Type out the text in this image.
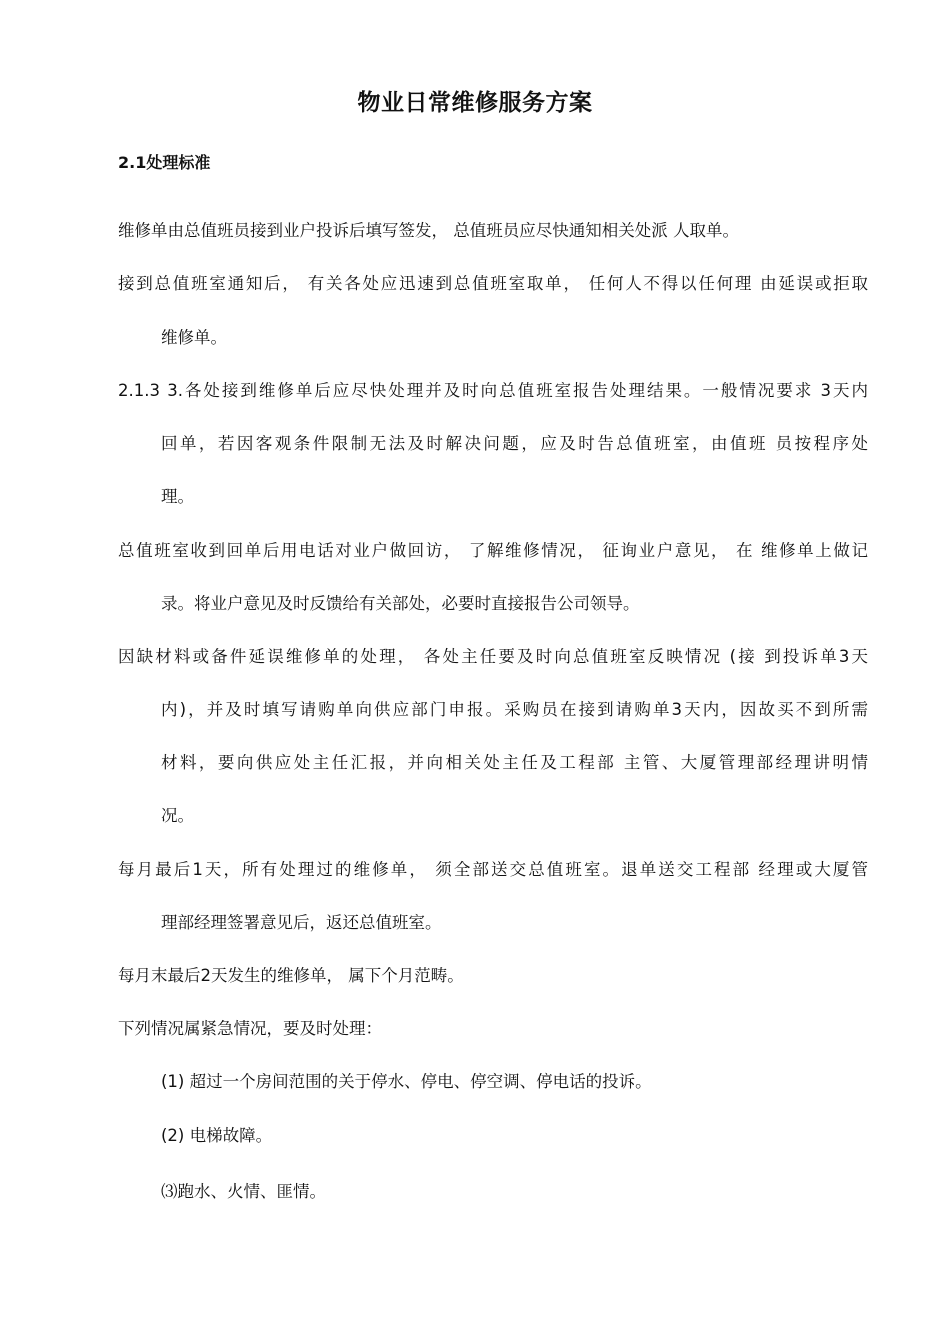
物业日常维修服务方案
2.1处理标准
维修单由总值班员接到业户投诉后填写签发， 总值班员应尽快通知相关处派 人取单。
接到总值班室通知后， 有关各处应迅速到总值班室取单， 任何人不得以任何理 由延误或拒取
维修单。
2.1.3 3.各处接到维修单后应尽快处理并及时向总值班室报告处理结果。一般情况要求 3天内
回单，若因客观条件限制无法及时解决问题，应及时告总值班室，由值班 员按程序处
理。
总值班室收到回单后用电话对业户做回访， 了解维修情况， 征询业户意见， 在 维修单上做记
录。将业户意见及时反馈给有关部处，必要时直接报告公司领导。
因缺材料或备件延误维修单的处理， 各处主任要及时向总值班室反映情况 (接 到投诉单3天
内)，并及时填写请购单向供应部门申报。采购员在接到请购单3天内，因故买不到所需
材料，要向供应处主任汇报，并向相关处主任及工程部 主管、大厦管理部经理讲明情
况。
每月最后1天，所有处理过的维修单， 须全部送交总值班室。退单送交工程部 经理或大厦管
理部经理签署意见后，返还总值班室。
每月末最后2天发生的维修单， 属下个月范畴。
下列情况属紧急情况，要及时处理：
(1) 超过一个房间范围的关于停水、停电、停空调、停电话的投诉。
(2) 电梯故障。
⑶跑水、火情、匪情。
